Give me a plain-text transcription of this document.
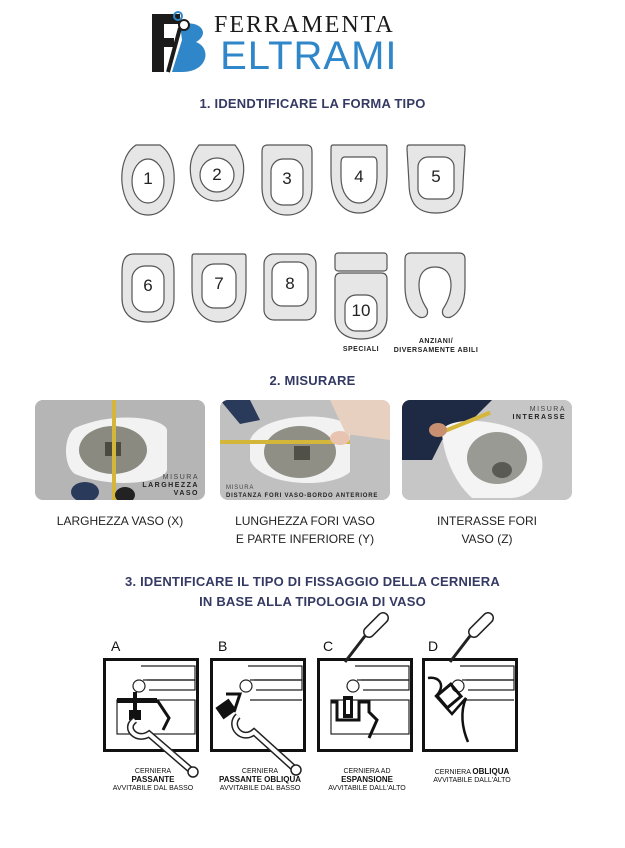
FERRAMENTA
ELTRAMI
1. IDENDTIFICARE LA FORMA TIPO
1	2	3	4	5
6	7	8
10
SPECIALI
ANZIANI/
DIVERSAMENTE ABILI
2. MISURARE
MISURA
LARGHEZZA
VASO
MISURA
DISTANZA FORI VASO-BORDO ANTERIORE
MISURA
INTERASSE
LARGHEZZA VASO (X)	LUNGHEZZA FORI VASO
E PARTE INFERIORE (Y)
INTERASSE FORI
VASO (Z)
3. IDENTIFICARE IL TIPO DI FISSAGGIO DELLA CERNIERA
IN BASE ALLA TIPOLOGIA DI VASO
A
CERNIERA
PASSANTE
AVVITABILE DAL BASSO
B
CERNIERA
PASSANTE OBLIQUA
AVVITABILE DAL BASSO
C
CERNIERA AD
ESPANSIONE
AVVITABILE DALL'ALTO
D
CERNIERA OBLIQUA
AVVITABILE DALL'ALTO
